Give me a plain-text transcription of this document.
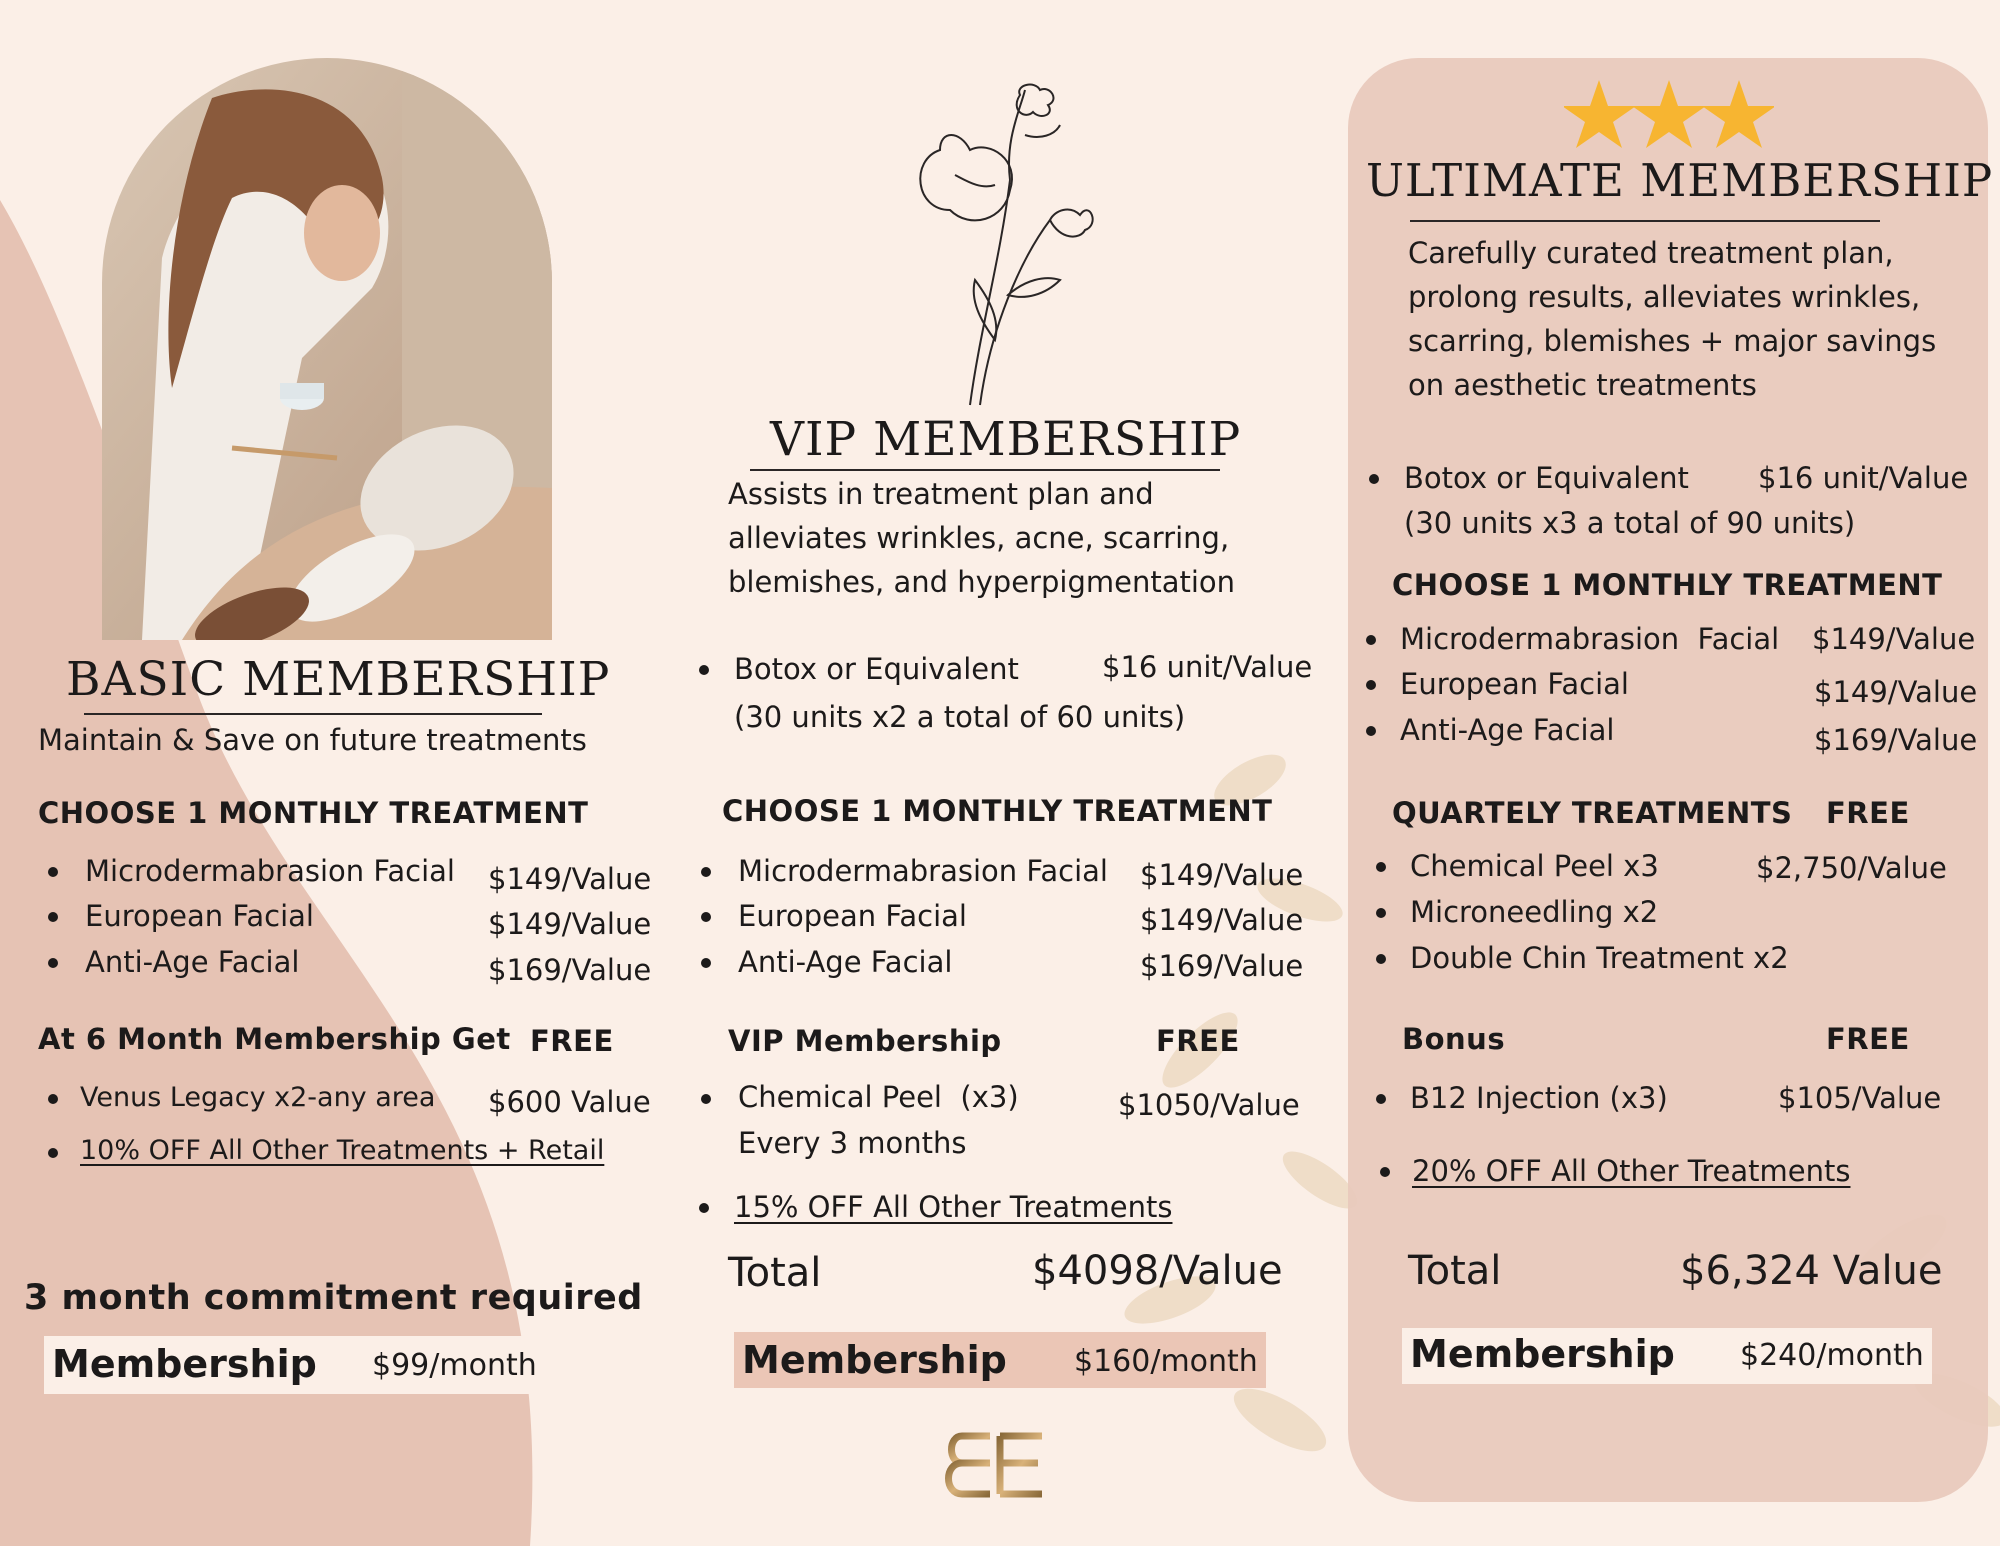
BASIC MEMBERSHIP
Maintain & Save on future treatments
CHOOSE 1 MONTHLY TREATMENT
Microdermabrasion Facial $149/Value
European Facial	$149/Value
Anti-Age Facial	$169/Value
At 6 Month Membership Get FREE
Venus Legacy x2-any area $600 Value
10% OFF All Other Treatments + Retail
3 month commitment required
Membership $99/month
VIP MEMBERSHIP
Assists in treatment plan and
alleviates wrinkles, acne, scarring,
blemishes, and hyperpigmentation
Botox or Equivalent	$16 unit/Value
(30 units x2 a total of 60 units)
CHOOSE 1 MONTHLY TREATMENT
Microdermabrasion Facial $149/Value
European Facial	$149/Value
Anti-Age Facial	$169/Value
VIP Membership	FREE
Chemical Peel  (x3)
Every 3 months
$1050/Value
15% OFF All Other Treatments
Total	$4098/Value
Membership $160/month
ULTIMATE MEMBERSHIP
Carefully curated treatment plan,
prolong results, alleviates wrinkles,
scarring, blemishes + major savings
on aesthetic treatments
Botox or Equivalent $16 unit/Value
(30 units x3 a total of 90 units)
CHOOSE 1 MONTHLY TREATMENT
Microdermabrasion  Facial $149/Value
European Facial	$149/Value
Anti-Age Facial	$169/Value
QUARTELY TREATMENTS FREE
Chemical Peel x3	$2,750/Value
Microneedling x2
Double Chin Treatment x2
Bonus	FREE
B12 Injection (x3)	$105/Value
20% OFF All Other Treatments
Total	$6,324 Value
Membership $240/month
